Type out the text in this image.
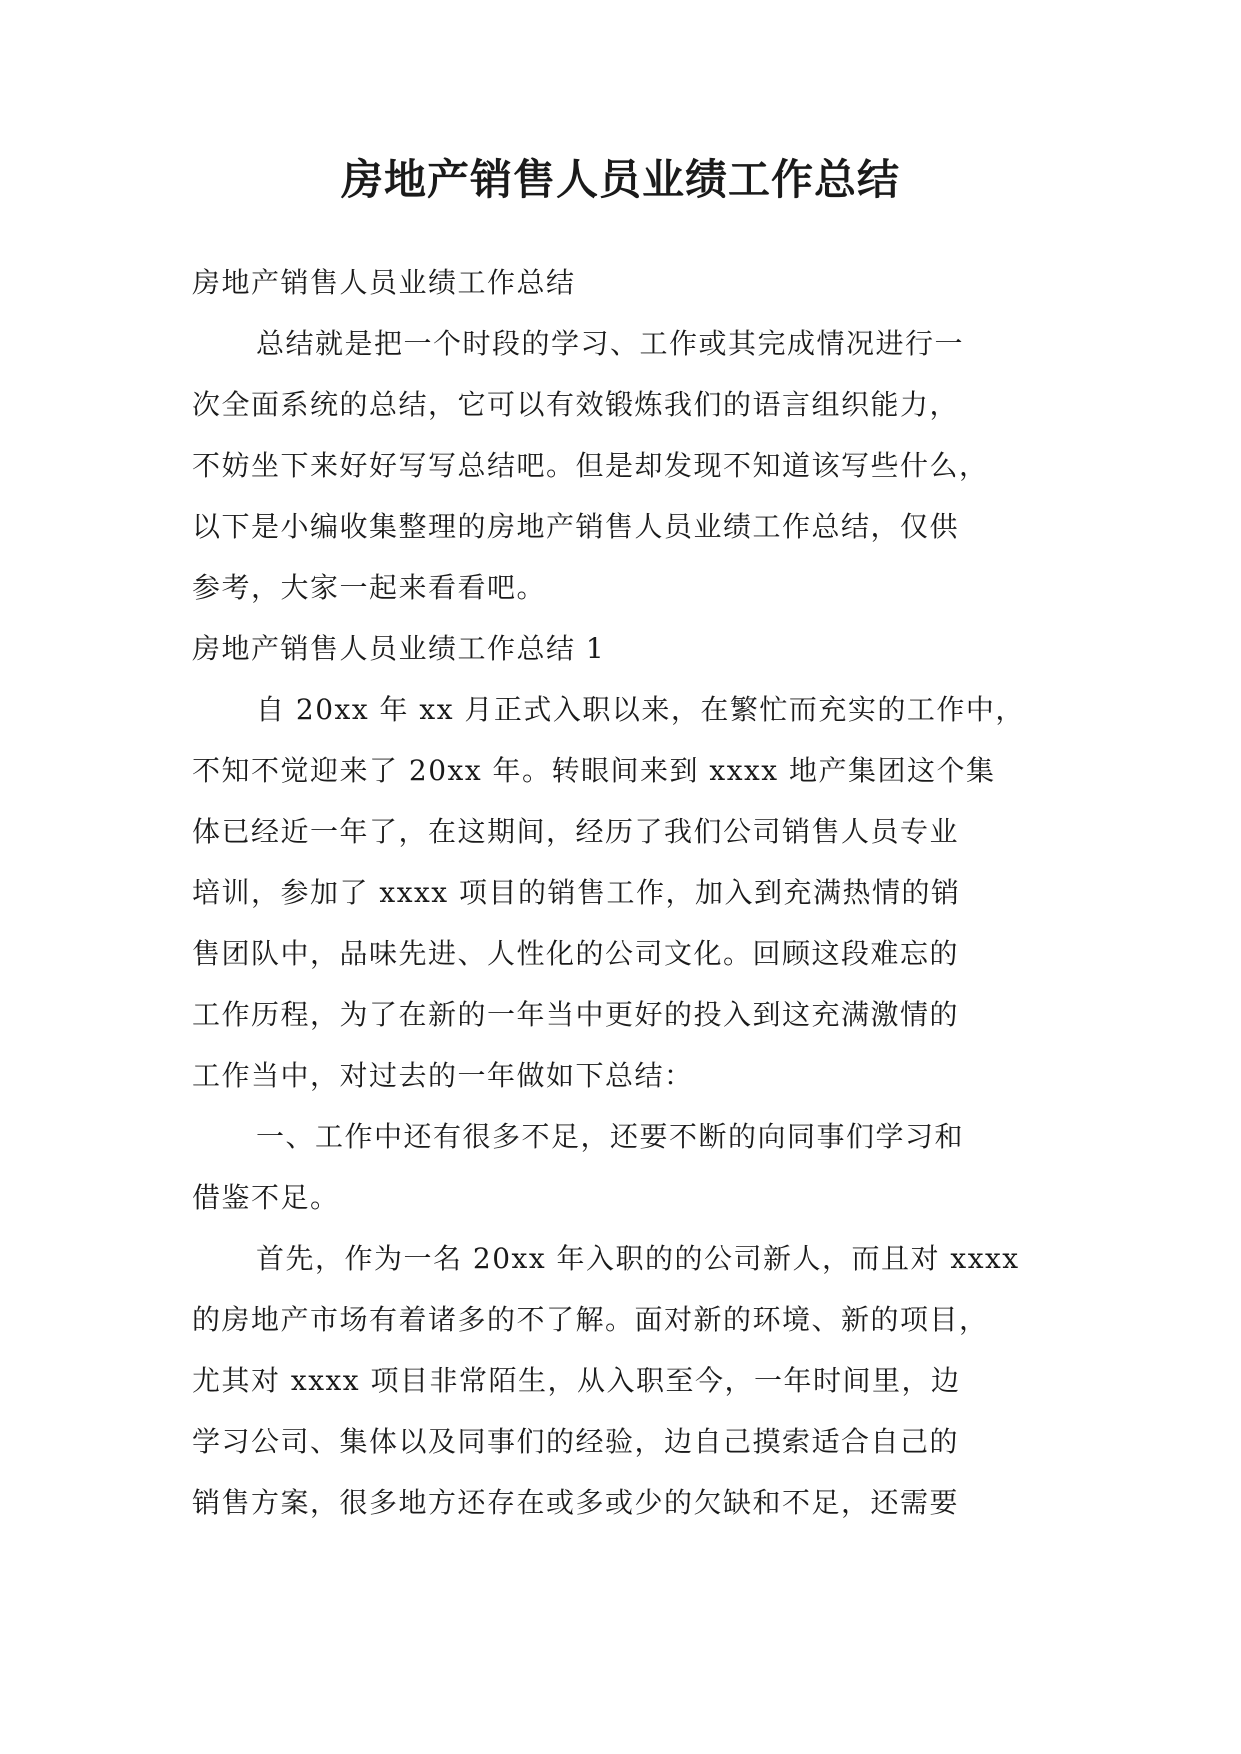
房地产销售人员业绩工作总结

房地产销售人员业绩工作总结

总结就是把一个时段的学习、工作或其完成情况进行一
次全面系统的总结，它可以有效锻炼我们的语言组织能力，
不妨坐下来好好写写总结吧。但是却发现不知道该写些什么，
以下是小编收集整理的房地产销售人员业绩工作总结，仅供
参考，大家一起来看看吧。

房地产销售人员业绩工作总结 1

自 20xx 年 xx 月正式入职以来，在繁忙而充实的工作中，
不知不觉迎来了 20xx 年。转眼间来到 xxxx 地产集团这个集
体已经近一年了，在这期间，经历了我们公司销售人员专业
培训，参加了 xxxx 项目的销售工作，加入到充满热情的销
售团队中，品味先进、人性化的公司文化。回顾这段难忘的
工作历程，为了在新的一年当中更好的投入到这充满激情的
工作当中，对过去的一年做如下总结：

一、工作中还有很多不足，还要不断的向同事们学习和
借鉴不足。

首先，作为一名 20xx 年入职的的公司新人，而且对 xxxx
的房地产市场有着诸多的不了解。面对新的环境、新的项目，
尤其对 xxxx 项目非常陌生，从入职至今，一年时间里，边
学习公司、集体以及同事们的经验，边自己摸索适合自己的
销售方案，很多地方还存在或多或少的欠缺和不足，还需要
